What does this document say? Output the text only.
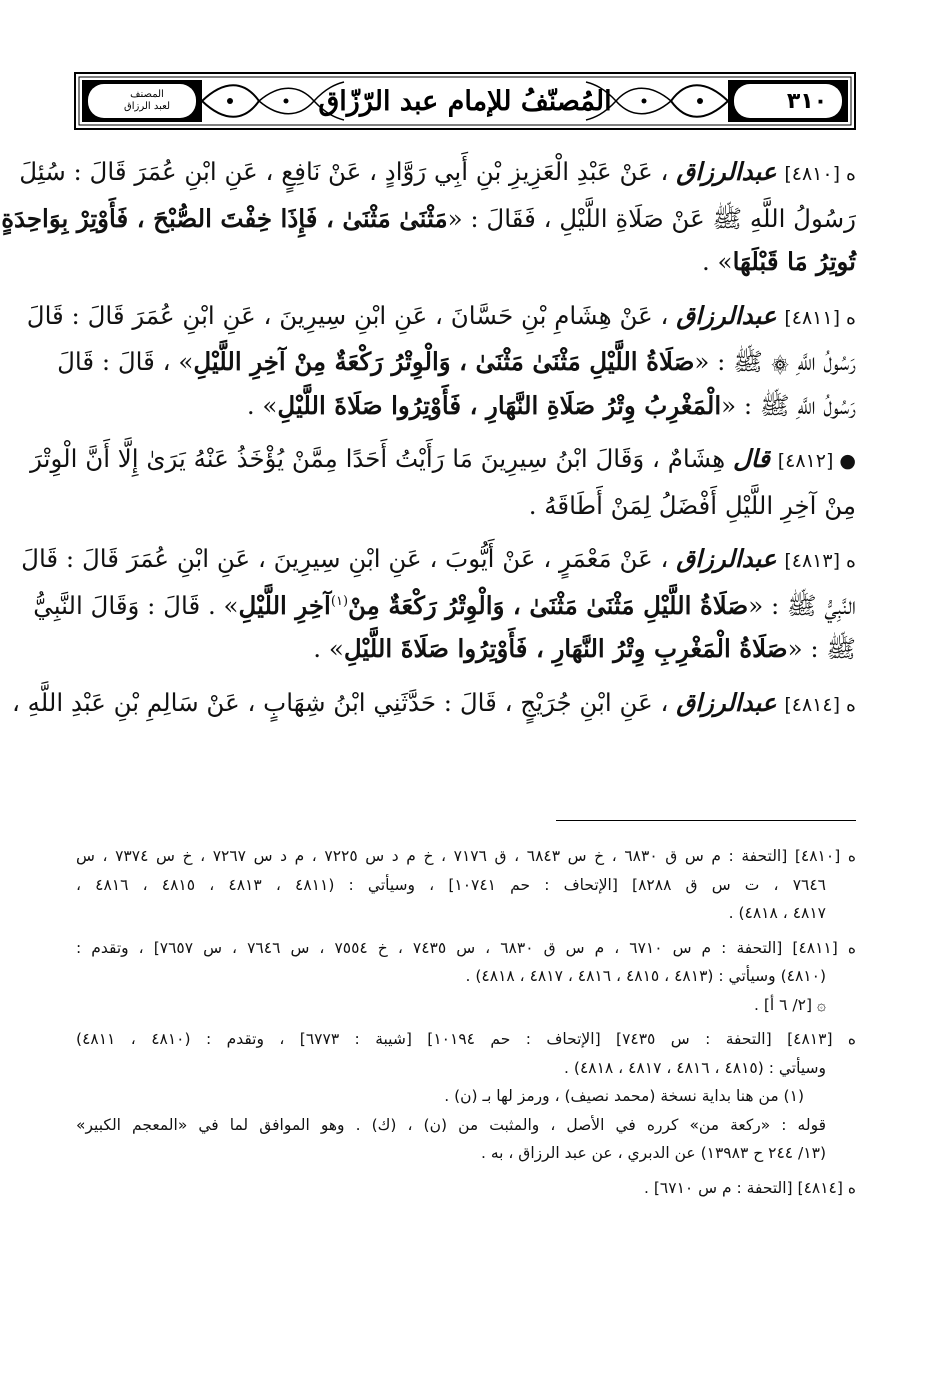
المصنف
لعبد الرزاق	المُصنّفُ للإمام عبد الرّزّاق	٣١٠
ه [٤٨١٠] عبدالرزاق ، عَنْ عَبْدِ الْعَزِيزِ بْنِ أَبِي رَوَّادٍ ، عَنْ نَافِعٍ ، عَنِ ابْنِ عُمَرَ قَالَ : سُئِلَ
رَسُولُ اللَّهِ ﷺ عَنْ صَلَاةِ اللَّيْلِ ، فَقَالَ : «مَثْنَىٰ مَثْنَىٰ ، فَإِذَا خِفْتَ الصُّبْحَ ، فَأَوْتِرْ بِوَاحِدَةٍ
تُوتِرُ مَا قَبْلَهَا» .
ه [٤٨١١] عبدالرزاق ، عَنْ هِشَامِ بْنِ حَسَّانَ ، عَنِ ابْنِ سِيرِينَ ، عَنِ ابْنِ عُمَرَ قَالَ : قَالَ
رَسُولُ اللَّهِ ۞ ﷺ : «صَلَاةُ اللَّيْلِ مَثْنَىٰ مَثْنَىٰ ، وَالْوِتْرُ رَكْعَةٌ مِنْ آخِرِ اللَّيْلِ» ، قَالَ : قَالَ
رَسُولُ اللَّهِ ﷺ : «الْمَغْرِبُ وِتْرُ صَلَاةِ النَّهَارِ ، فَأَوْتِرُوا صَلَاةَ اللَّيْلِ» .
● [٤٨١٢] قال هِشَامٌ ، وَقَالَ ابْنُ سِيرِينَ مَا رَأَيْتُ أَحَدًا مِمَّنْ يُؤْخَذُ عَنْهُ يَرَىٰ إِلَّا أَنَّ الْوِتْرَ
مِنْ آخِرِ اللَّيْلِ أَفْضَلُ لِمَنْ أَطَاقَهُ .
ه [٤٨١٣] عبدالرزاق ، عَنْ مَعْمَرٍ ، عَنْ أَيُّوبَ ، عَنِ ابْنِ سِيرِينَ ، عَنِ ابْنِ عُمَرَ قَالَ : قَالَ
النَّبِيُّ ﷺ : «صَلَاةُ اللَّيْلِ مَثْنَىٰ مَثْنَىٰ ، وَالْوِتْرُ رَكْعَةٌ مِنْ$^{(١)}$آخِرِ اللَّيْلِ» . قَالَ : وَقَالَ النَّبِيُّ
ﷺ : «صَلَاةُ الْمَغْرِبِ وِتْرُ النَّهَارِ ، فَأَوْتِرُوا صَلَاةَ اللَّيْلِ» .
ه [٤٨١٤] عبدالرزاق ، عَنِ ابْنِ جُرَيْجٍ ، قَالَ : حَدَّثَنِي ابْنُ شِهَابٍ ، عَنْ سَالِمِ بْنِ عَبْدِ اللَّهِ ،
ه [٤٨١٠] [التحفة : م س ق ٦٨٣٠ ، خ س ٦٨٤٣ ، ق ٧١٧٦ ، خ م د س ٧٢٢٥ ، م د س ٧٢٦٧ ، خ س ٧٣٧٤ ، س
٧٦٤٦ ، ت س ق ٨٢٨٨] [الإتحاف : حم ١٠٧٤١] ، وسيأتي : (٤٨١١ ، ٤٨١٣ ، ٤٨١٥ ، ٤٨١٦ ،
٤٨١٧ ، ٤٨١٨) .
ه [٤٨١١] [التحفة : م س ٦٧١٠ ، م س ق ٦٨٣٠ ، س ٧٤٣٥ ، خ ٧٥٥٤ ، س ٧٦٤٦ ، س ٧٦٥٧] ، وتقدم :
(٤٨١٠) وسيأتي : (٤٨١٣ ، ٤٨١٥ ، ٤٨١٦ ، ٤٨١٧ ، ٤٨١٨) .
۞ [٢/ ٦ أ] .
ه [٤٨١٣] [التحفة : س ٧٤٣٥] [الإتحاف : حم ١٠١٩٤] [شيبة : ٦٧٧٣] ، وتقدم : (٤٨١٠ ، ٤٨١١)
وسيأتي : (٤٨١٥ ، ٤٨١٦ ، ٤٨١٧ ، ٤٨١٨) .
(١) من هنا بداية نسخة (محمد نصيف) ، ورمز لها بـ (ن) .
قوله : «ركعة من» كرره في الأصل ، والمثبت من (ن) ، (ك) . وهو الموافق لما في «المعجم الكبير»
(١٣/ ٢٤٤ ح ١٣٩٨٣) عن الدبري ، عن عبد الرزاق ، به .
ه [٤٨١٤] [التحفة : م س ٦٧١٠] .
